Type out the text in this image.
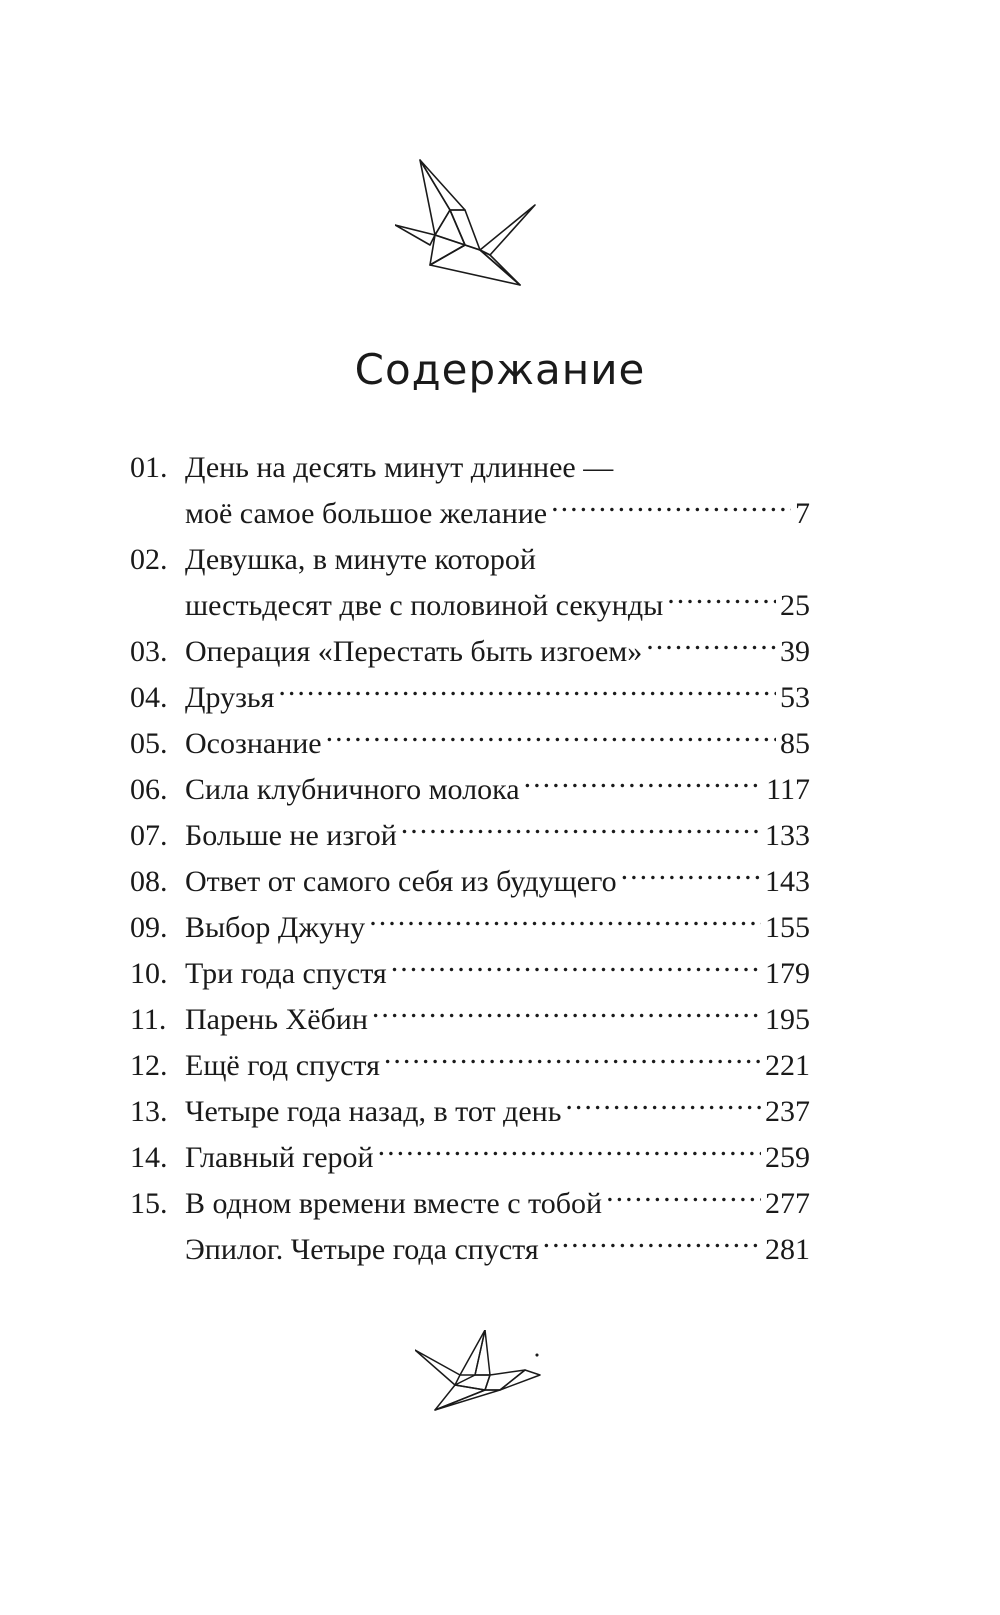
Содержание
01. День на десять минут длиннее —
моё самое большое желание .....	7
02. Девушка, в минуте которой
шестьдесят две с половиной секунды .....	25
03. Операция «Перестать быть изгоем» .....	39
04. Друзья .....	53
05. Осознание .....	85
06. Сила клубничного молока .....	117
07. Больше не изгой .....	133
08. Ответ от самого себя из будущего .....	143
09. Выбор Джуну .....	155
10. Три года спустя .....	179
11. Парень Хёбин .....	195
12. Ещё год спустя .....	221
13. Четыре года назад, в тот день .....	237
14. Главный герой .....	259
15. В одном времени вместе с тобой .....	277
Эпилог. Четыре года спустя .....	281
